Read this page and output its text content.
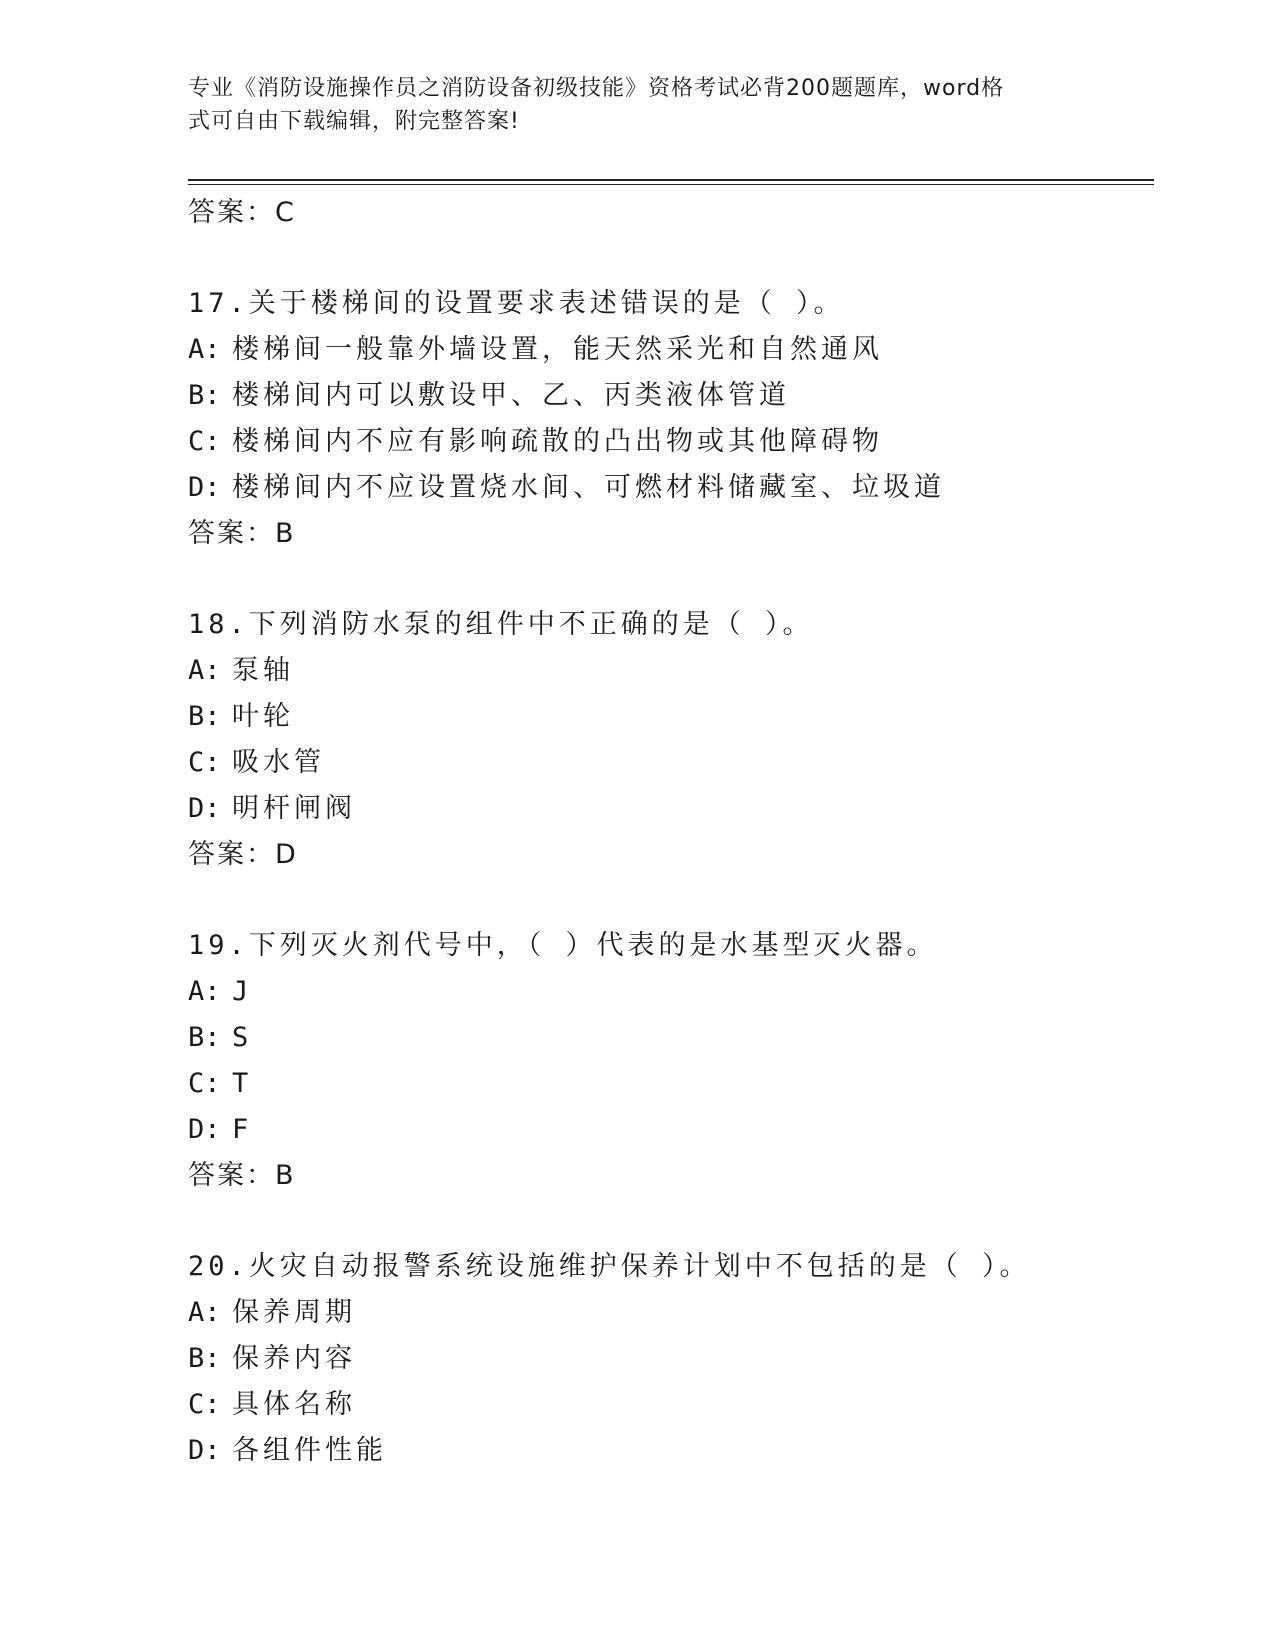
专业《消防设施操作员之消防设备初级技能》资格考试必背200题题库，word格
式可自由下载编辑，附完整答案!
答案：C
17.关于楼梯间的设置要求表述错误的是（ ）。
A: 楼梯间一般靠外墙设置，能天然采光和自然通风
B: 楼梯间内可以敷设甲、乙、丙类液体管道
C: 楼梯间内不应有影响疏散的凸出物或其他障碍物
D: 楼梯间内不应设置烧水间、可燃材料储藏室、垃圾道
答案：B
18.下列消防水泵的组件中不正确的是（ ）。
A: 泵轴
B: 叶轮
C: 吸水管
D: 明杆闸阀
答案：D
19.下列灭火剂代号中，（ ）代表的是水基型灭火器。
A: J
B: S
C: T
D: F
答案：B
20.火灾自动报警系统设施维护保养计划中不包括的是（ ）。
A: 保养周期
B: 保养内容
C: 具体名称
D: 各组件性能
